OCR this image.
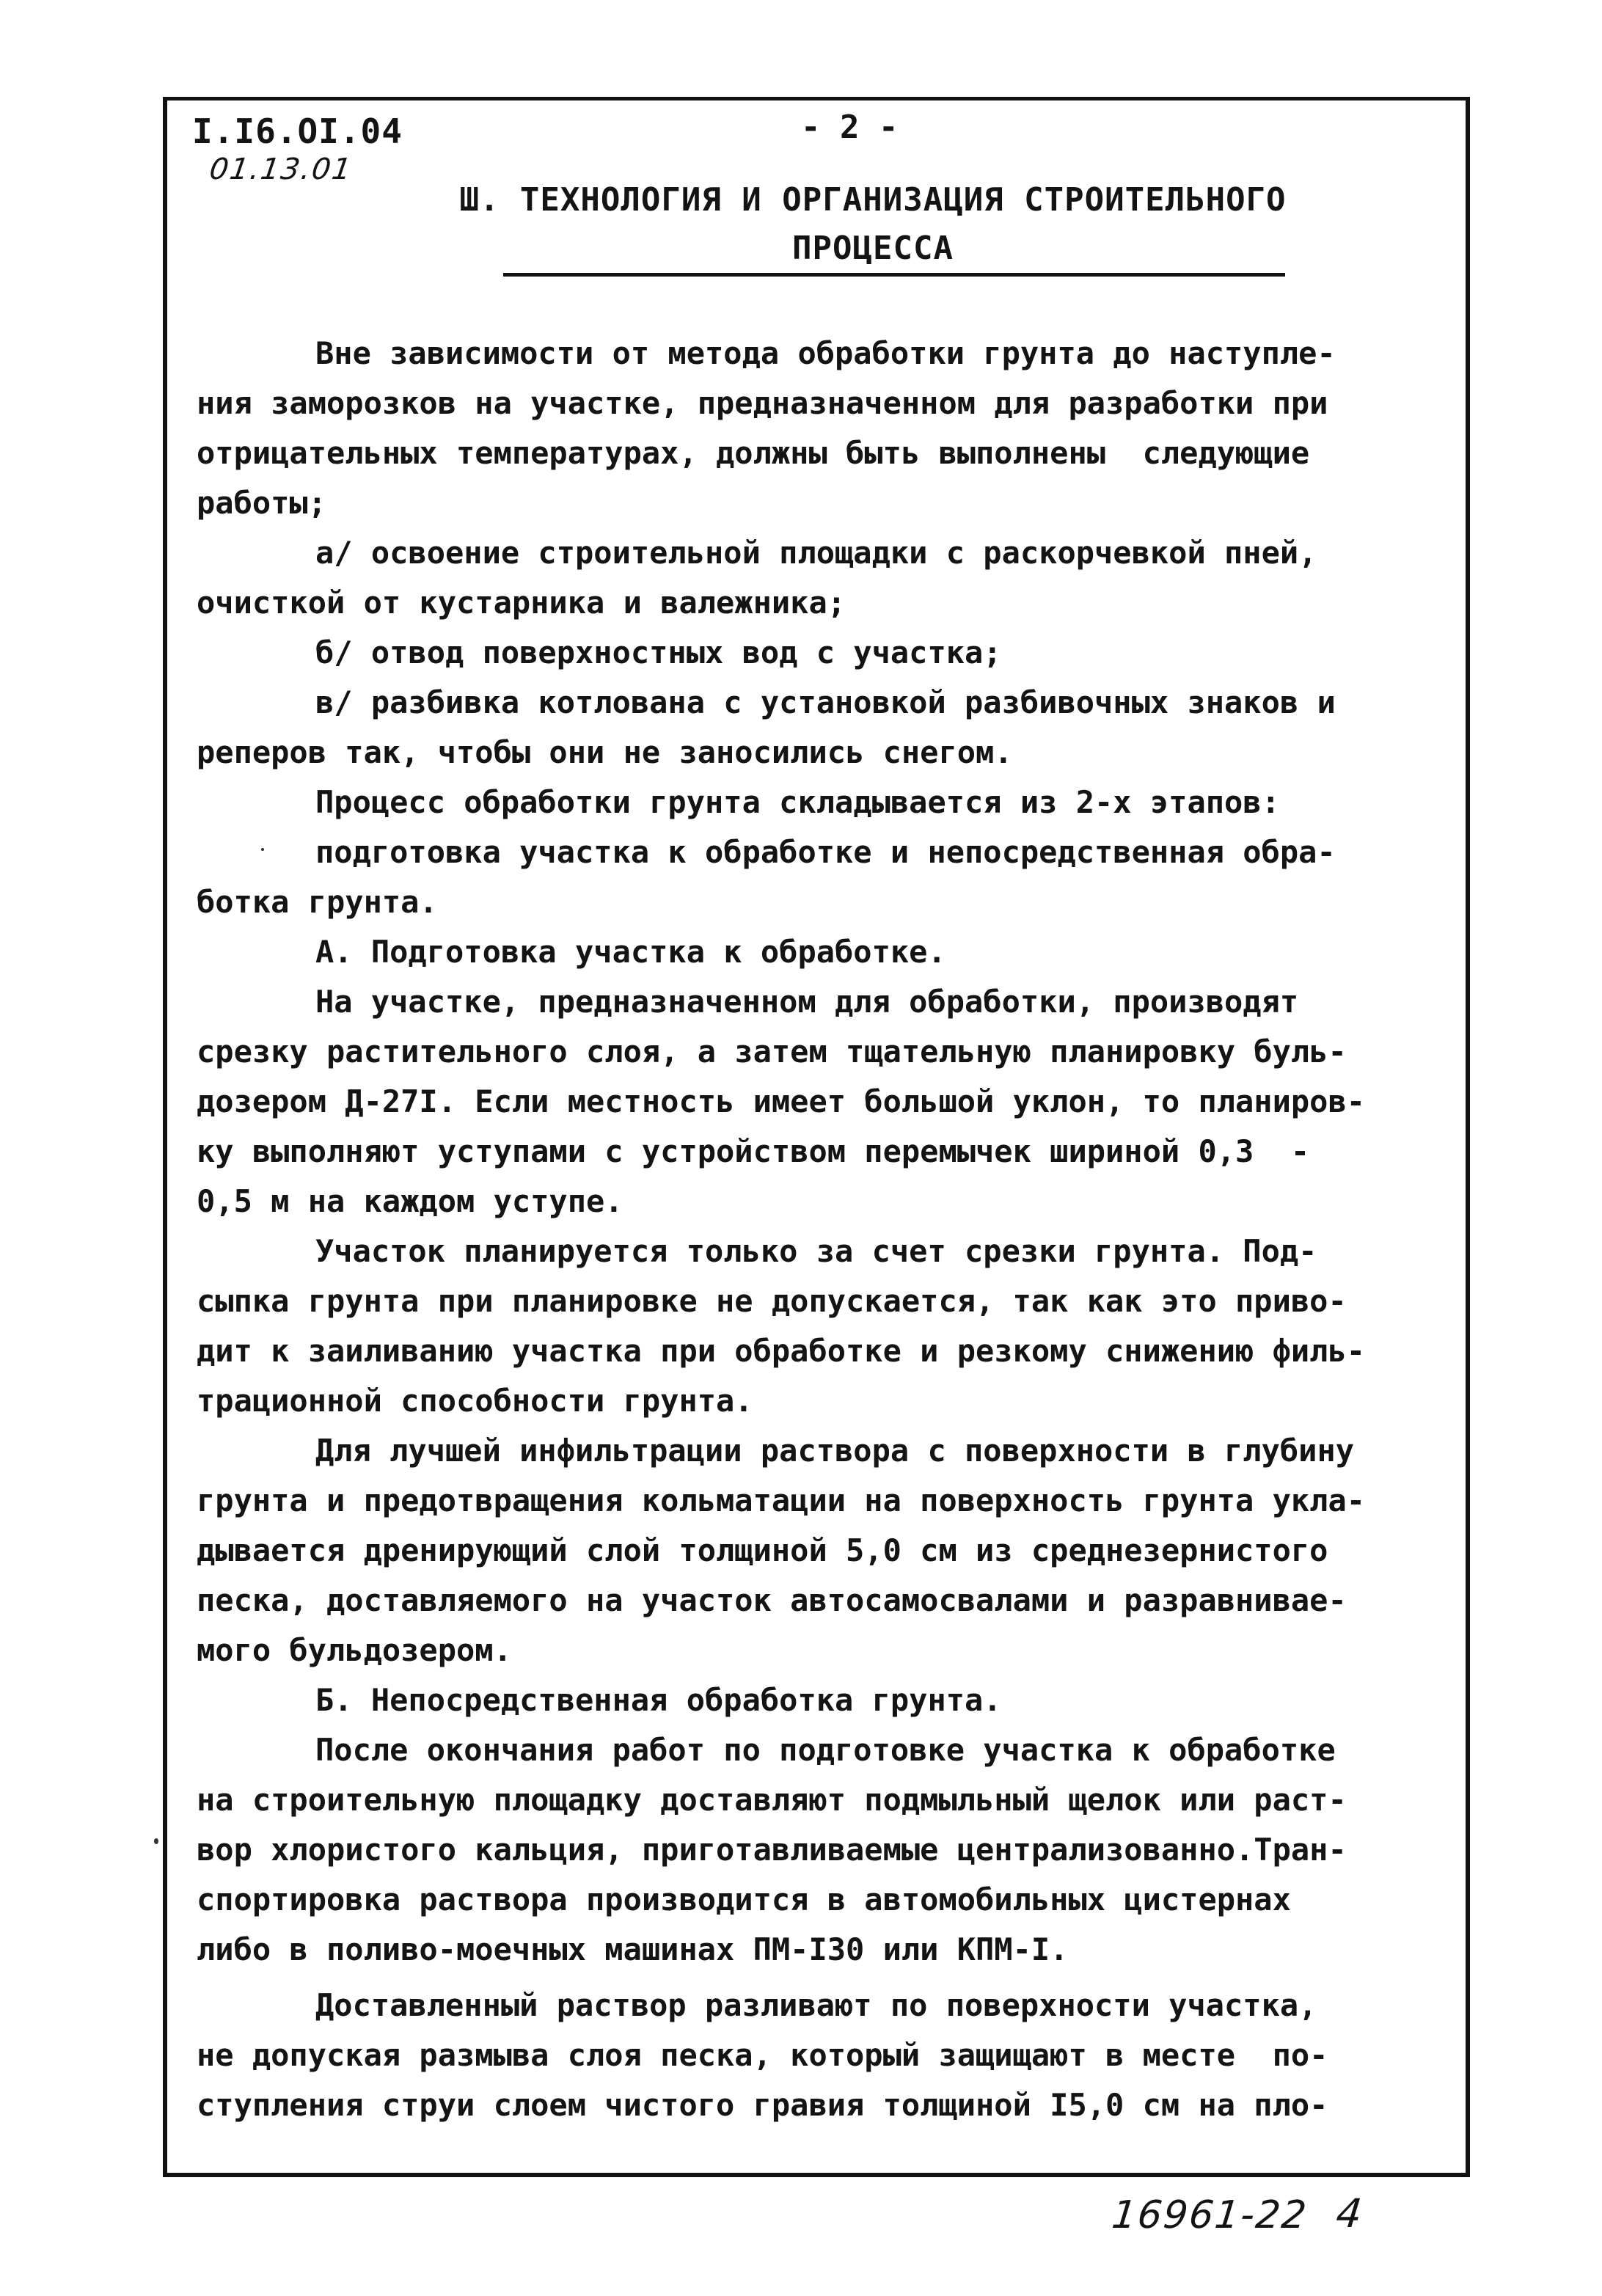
I.I6.OI.04
01.13.01
- 2 -
Ш. ТЕХНОЛОГИЯ И ОРГАНИЗАЦИЯ СТРОИТЕЛЬНОГО
ПРОЦЕССА
Вне зависимости от метода обработки грунта до наступле-
ния заморозков на участке, предназначенном для разработки при
отрицательных температурах, должны быть выполнены  следующие
работы;
а/ освоение строительной площадки с раскорчевкой пней,
очисткой от кустарника и валежника;
б/ отвод поверхностных вод с участка;
в/ разбивка котлована с установкой разбивочных знаков и
реперов так, чтобы они не заносились снегом.
Процесс обработки грунта складывается из 2-х этапов:
подготовка участка к обработке и непосредственная обра-
ботка грунта.
А. Подготовка участка к обработке.
На участке, предназначенном для обработки, производят
срезку растительного слоя, а затем тщательную планировку буль-
дозером Д-27I. Если местность имеет большой уклон, то планиров-
ку выполняют уступами с устройством перемычек шириной 0,3  -
0,5 м на каждом уступе.
Участок планируется только за счет срезки грунта. Под-
сыпка грунта при планировке не допускается, так как это приво-
дит к заиливанию участка при обработке и резкому снижению филь-
трационной способности грунта.
Для лучшей инфильтрации раствора с поверхности в глубину
грунта и предотвращения кольматации на поверхность грунта укла-
дывается дренирующий слой толщиной 5,0 см из среднезернистого
песка, доставляемого на участок автосамосвалами и разравнивае-
мого бульдозером.
Б. Непосредственная обработка грунта.
После окончания работ по подготовке участка к обработке
на строительную площадку доставляют подмыльный щелок или раст-
вор хлористого кальция, приготавливаемые централизованно.Тран-
спортировка раствора производится в автомобильных цистернах
либо в поливо-моечных машинах ПМ-I30 или КПМ-I.
Доставленный раствор разливают по поверхности участка,
не допуская размыва слоя песка, который защищают в месте  по-
ступления струи слоем чистого гравия толщиной I5,0 см на пло-
16961-22 4
